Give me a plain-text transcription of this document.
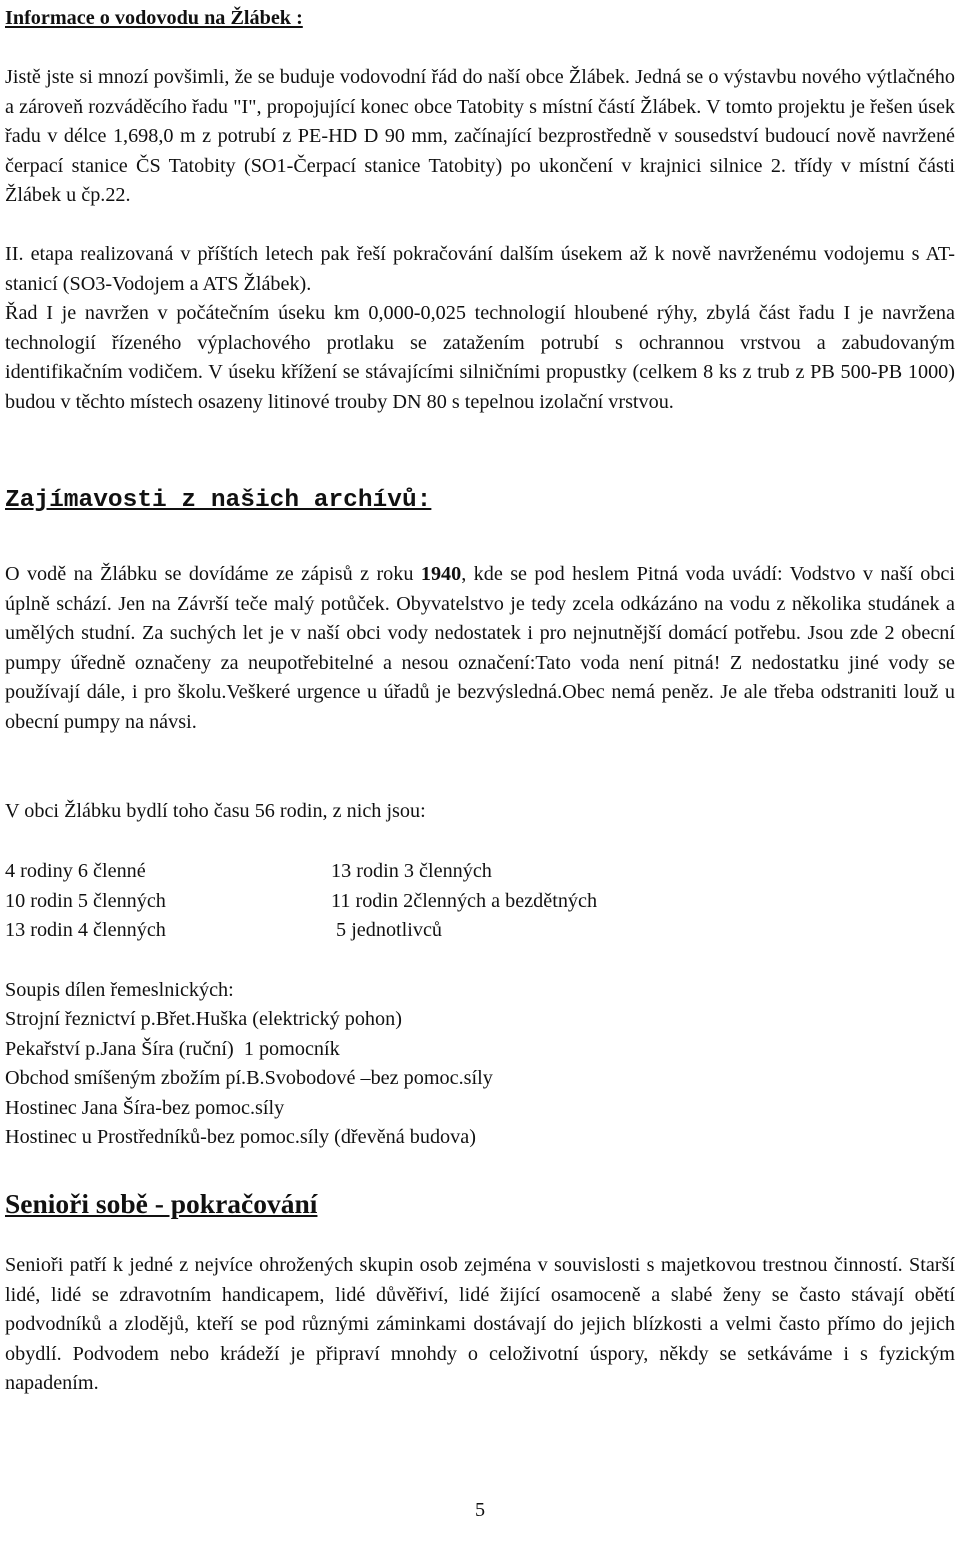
Informace o vodovodu na Žlábek :

Jistě jste si mnozí povšimli, že se buduje vodovodní řád do naší obce Žlábek. Jedná se o výstavbu nového výtlačného a zároveň rozváděcího řadu "I", propojující konec obce Tatobity s místní částí Žlábek. V tomto projektu je řešen úsek řadu v délce 1,698,0 m z potrubí z PE-HD D 90 mm, začínající bezprostředně v sousedství budoucí nově navržené čerpací stanice ČS Tatobity (SO1-Čerpací stanice Tatobity) po ukončení v krajnici silnice 2. třídy v místní části Žlábek u čp.22.

II. etapa realizovaná v příštích letech pak řeší pokračování dalším úsekem až k nově navrženému vodojemu s AT-stanicí (SO3-Vodojem a ATS Žlábek).

Řad I je navržen v počátečním úseku km 0,000-0,025 technologií hloubené rýhy, zbylá část řadu I je navržena technologií řízeného výplachového protlaku se zatažením potrubí s ochrannou vrstvou a zabudovaným identifikačním vodičem. V úseku křížení se stávajícími silničními propustky (celkem 8 ks z trub z PB 500-PB 1000) budou v těchto místech osazeny litinové trouby DN 80 s tepelnou izolační vrstvou.

Zajímavosti z našich archívů:

O vodě na Žlábku se dovídáme ze zápisů z roku 1940, kde se pod heslem Pitná voda uvádí: Vodstvo v naší obci úplně schází. Jen na Závrší teče malý potůček. Obyvatelstvo je tedy zcela odkázáno na vodu z několika studánek a umělých studní. Za suchých let je v naší obci vody nedostatek i pro nejnutnější domácí potřebu. Jsou zde 2 obecní pumpy úředně označeny za neupotřebitelné a nesou označení:Tato voda není pitná! Z nedostatku jiné vody se používají dále, i pro školu.Veškeré urgence u úřadů je bezvýsledná.Obec nemá peněz. Je ale třeba odstraniti louž u obecní pumpy na návsi.

V obci Žlábku bydlí toho času 56 rodin, z nich jsou:

4 rodiny 6 členné	13 rodin 3 členných
10 rodin 5 členných	11 rodin 2členných a bezdětných
13 rodin 4 členných	5 jednotlivců

Soupis dílen řemeslnických:

Strojní řeznictví p.Břet.Huška (elektrický pohon)

Pekařství p.Jana Šíra (ruční)  1 pomocník

Obchod smíšeným zbožím pí.B.Svobodové –bez pomoc.síly

Hostinec Jana Šíra-bez pomoc.síly

Hostinec u Prostředníků-bez pomoc.síly (dřevěná budova)

Senioři sobě - pokračování

Senioři patří k jedné z nejvíce ohrožených skupin osob zejména v souvislosti s majetkovou trestnou činností. Starší lidé, lidé se zdravotním handicapem, lidé důvěřiví, lidé žijící osamoceně a slabé ženy se často stávají obětí podvodníků a zlodějů, kteří se pod různými záminkami dostávají do jejich blízkosti a velmi často přímo do jejich obydlí. Podvodem nebo krádeží je připraví mnohdy o celoživotní úspory, někdy se setkáváme i s fyzickým napadením.

5
